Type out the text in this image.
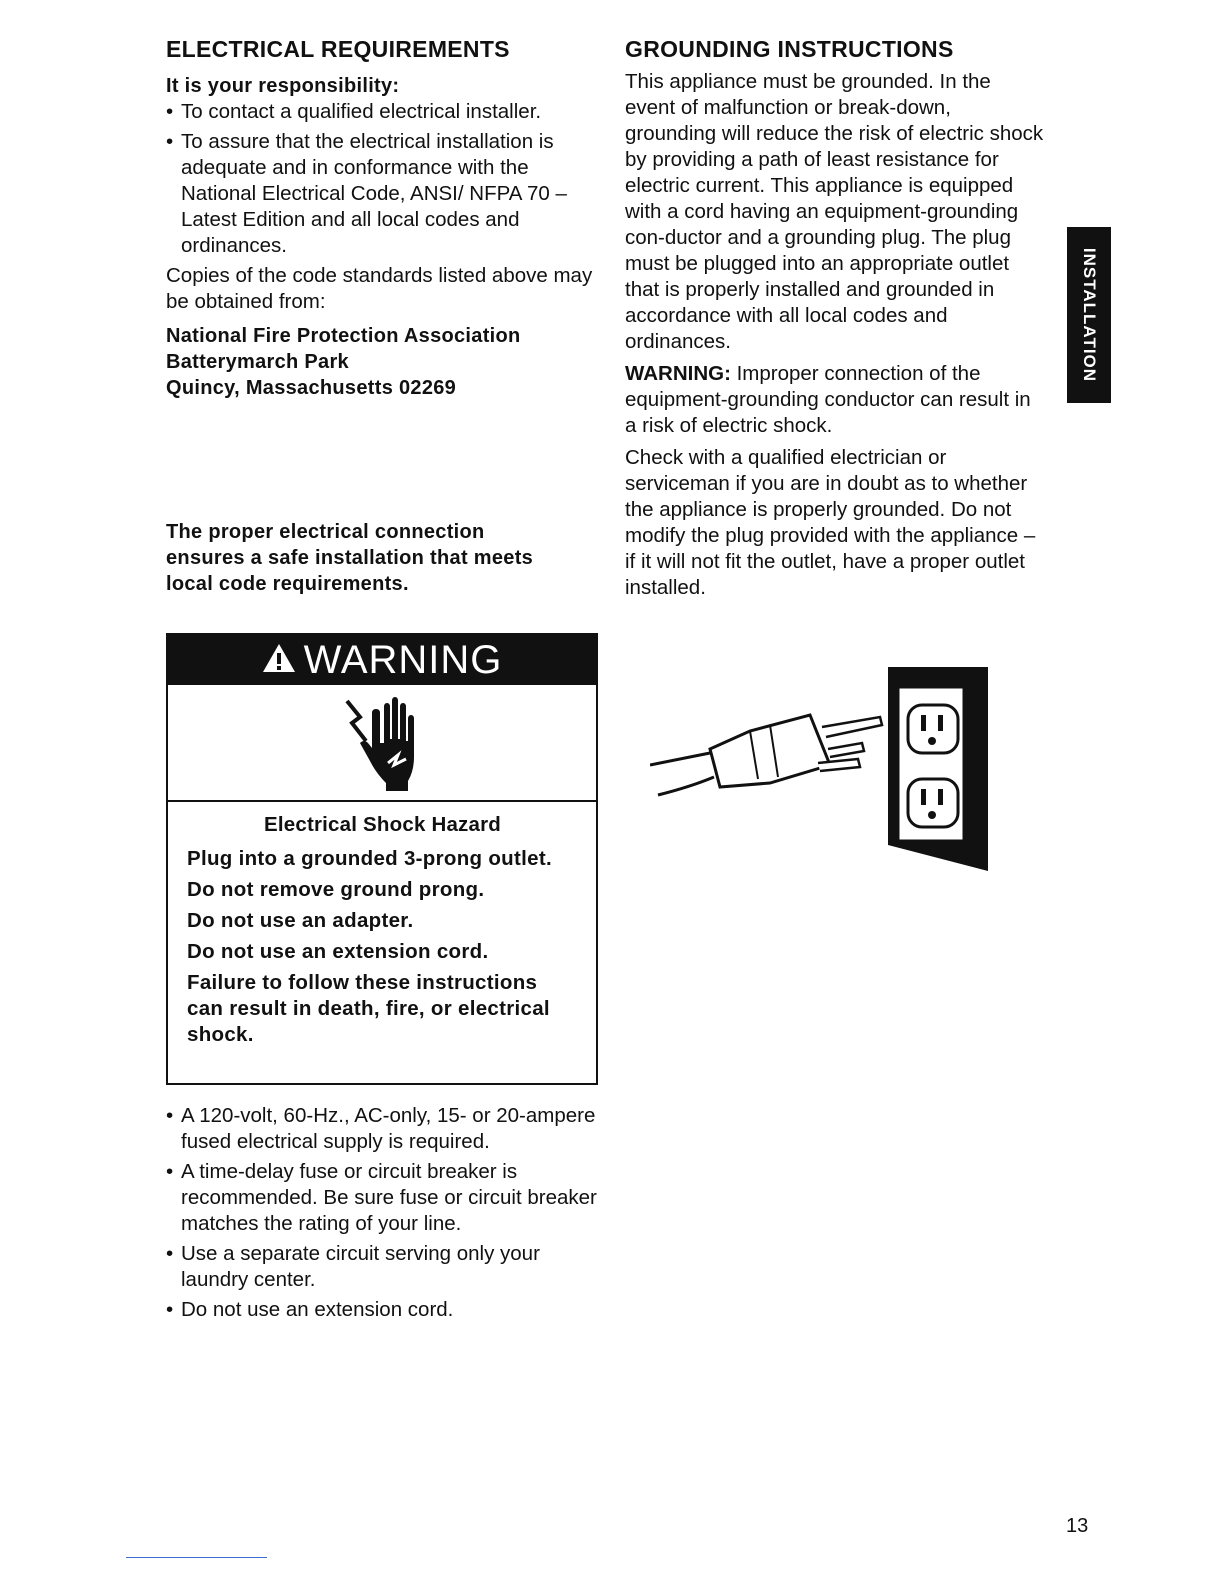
ELECTRICAL REQUIREMENTS
It is your responsibility:
• To contact a qualified electrical installer.
• To assure that the electrical installation is adequate and in conformance with the National Electrical Code, ANSI/ NFPA 70 – Latest Edition and all local codes and ordinances.

Copies of the code standards listed above may be obtained from:

National Fire Protection Association
Batterymarch Park
Quincy, Massachusetts 02269
The proper electrical connection ensures a safe installation that meets local code requirements.
WARNING
Electrical Shock Hazard
Plug into a grounded 3-prong outlet.
Do not remove ground prong.
Do not use an adapter.
Do not use an extension cord.
Failure to follow these instructions can result in death, fire, or electrical shock.
• A 120-volt, 60-Hz., AC-only, 15- or 20-ampere fused electrical supply is required.
• A time-delay fuse or circuit breaker is recommended. Be sure fuse or circuit breaker matches the rating of your line.
• Use a separate circuit serving only your laundry center.
• Do not use an extension cord.
GROUNDING INSTRUCTIONS

This appliance must be grounded. In the event of malfunction or break-down, grounding will reduce the risk of electric shock by providing a path of least resistance for electric current. This appliance is equipped with a cord having an equipment-grounding con-ductor and a grounding plug. The plug must be plugged into an appropriate outlet that is properly installed and grounded in accordance with all local codes and ordinances.

WARNING: Improper connection of the equipment-grounding conductor can result in a risk of electric shock.

Check with a qualified electrician or serviceman if you are in doubt as to whether the appliance is properly grounded. Do not modify the plug provided with the appliance – if it will not fit the outlet, have a proper outlet installed.

INSTALLATION
13
